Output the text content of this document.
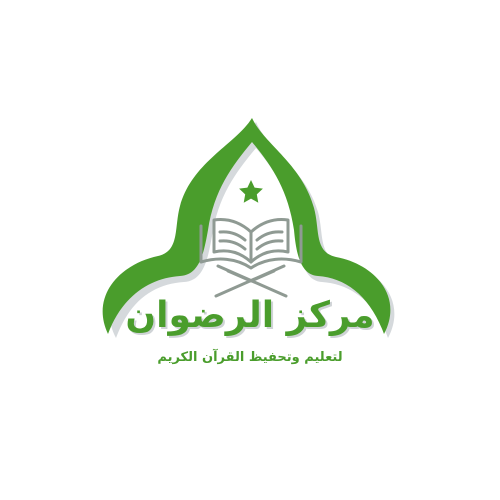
مركز الرضوان
لتعليم وتحفيظ القرآن الكريم
